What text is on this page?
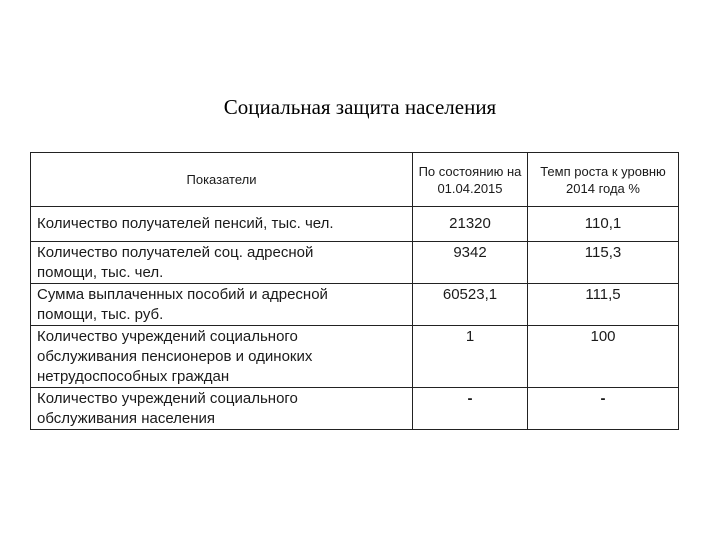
Социальная защита населения
Показатели	По состоянию на 01.04.2015	Темп роста к уровню 2014 года %

Количество получателей пенсий, тыс. чел.	21320	110,1

Количество получателей соц. адресной
помощи, тыс. чел.	9342	115,3

Сумма выплаченных пособий и адресной
помощи, тыс. руб.	60523,1	111,5

Количество учреждений социального
обслуживания пенсионеров и одиноких
нетрудоспособных граждан	1	100

Количество учреждений социального
обслуживания населения	-	-
